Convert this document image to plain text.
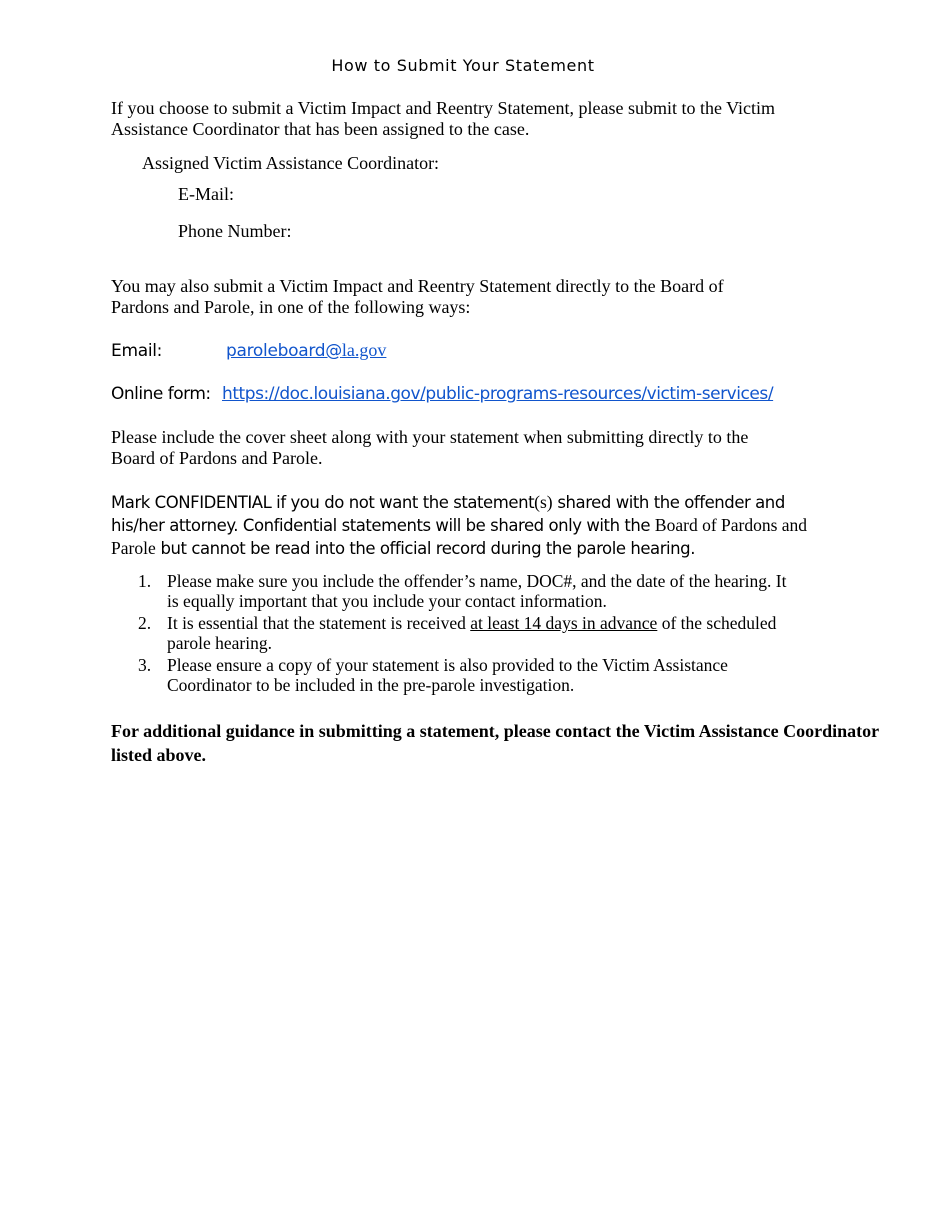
How to Submit Your Statement
If you choose to submit a Victim Impact and Reentry Statement, please submit to the Victim
Assistance Coordinator that has been assigned to the case.
Assigned Victim Assistance Coordinator:
E-Mail:
Phone Number:
You may also submit a Victim Impact and Reentry Statement directly to the Board of
Pardons and Parole, in one of the following ways:
Email:	paroleboard@la.gov
Online form: https://doc.louisiana.gov/public-programs-resources/victim-services/
Please include the cover sheet along with your statement when submitting directly to the
Board of Pardons and Parole.
Mark CONFIDENTIAL if you do not want the statement(s) shared with the offender and
his/her attorney. Confidential statements will be shared only with the Board of Pardons and
Parole but cannot be read into the official record during the parole hearing.
1. Please make sure you include the offender’s name, DOC#, and the date of the hearing. It
is equally important that you include your contact information.
2. It is essential that the statement is received at least 14 days in advance of the scheduled
parole hearing.
3. Please ensure a copy of your statement is also provided to the Victim Assistance
Coordinator to be included in the pre-parole investigation.
For additional guidance in submitting a statement, please contact the Victim Assistance Coordinator
listed above.
